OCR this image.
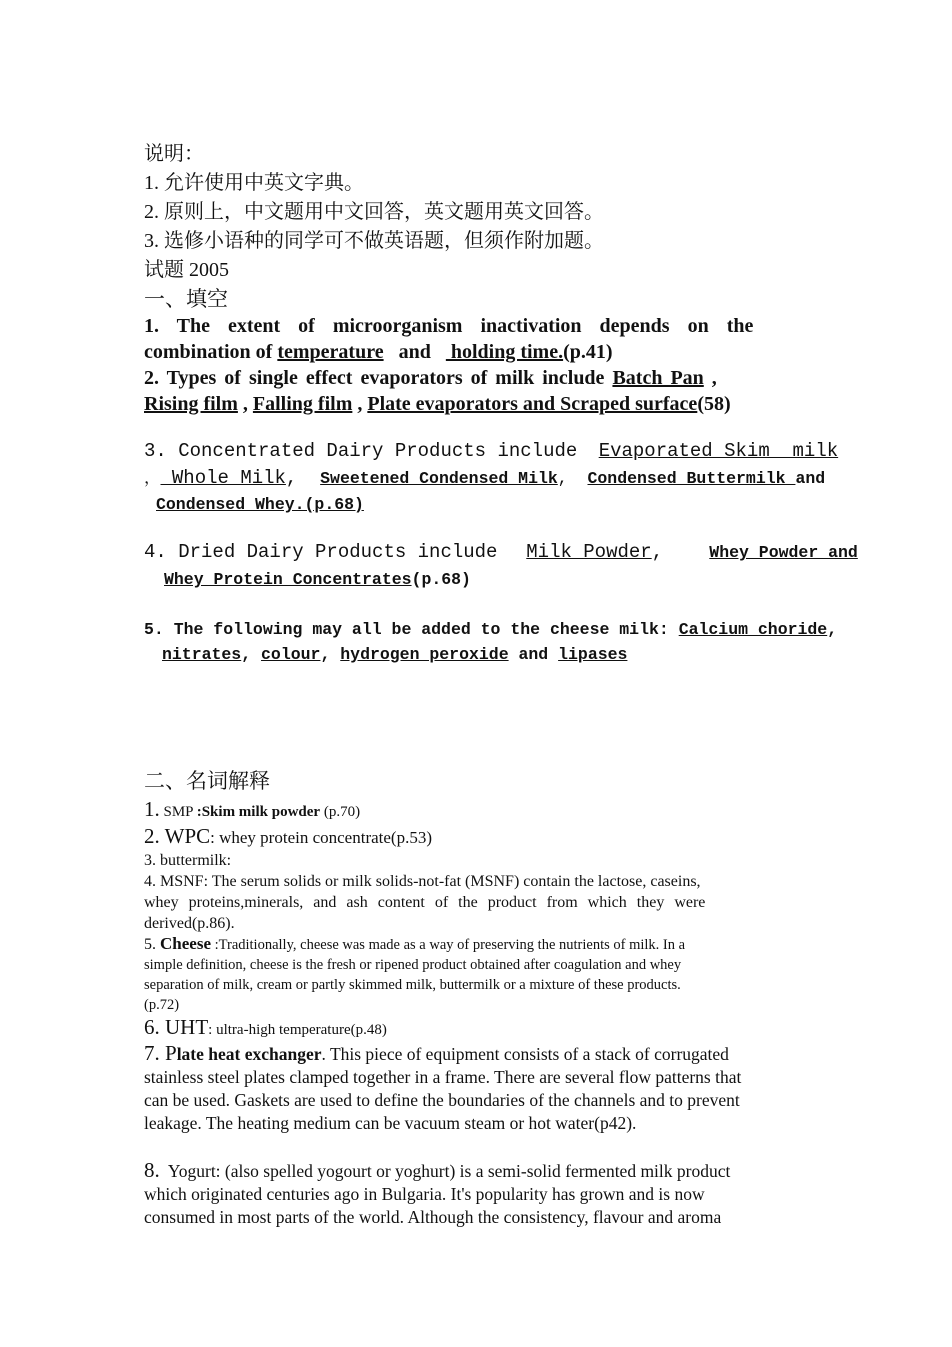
说明：

1. 允许使用中英文字典。

2. 原则上，中文题用中文回答，英文题用英文回答。

3. 选修小语种的同学可不做英语题，但须作附加题。

试题 2005

一、填空

1. The extent of microorganism inactivation depends on the

combination of temperature   and    holding time.(p.41)

2. Types of single effect evaporators of milk include Batch Pan ,

Rising film , Falling film , Plate evaporators and Scraped surface(58)

3. Concentrated Dairy Products include Evaporated Skim  milk

， Whole Milk,  Sweetened Condensed Milk,  Condensed Buttermilk and

Condensed Whey.(p.68)

4. Dried Dairy Products include  Milk Powder,   Whey Powder and

Whey Protein Concentrates(p.68)

5. The following may all be added to the cheese milk: Calcium choride,

nitrates, colour, hydrogen peroxide and lipases

二、名词解释

1. SMP :Skim milk powder (p.70)

2. WPC: whey protein concentrate(p.53)

3. buttermilk:

4. MSNF: The serum solids or milk solids-not-fat (MSNF) contain the lactose, caseins,

whey proteins,minerals, and ash content of the product from which they were

derived(p.86).

5. Cheese :Traditionally, cheese was made as a way of preserving the nutrients of milk. In a

simple definition, cheese is the fresh or ripened product obtained after coagulation and whey

separation of milk, cream or partly skimmed milk, buttermilk or a mixture of these products.

(p.72)

6. UHT: ultra-high temperature(p.48)

7. Plate heat exchanger. This piece of equipment consists of a stack of corrugated

stainless steel plates clamped together in a frame. There are several flow patterns that

can be used. Gaskets are used to define the boundaries of the channels and to prevent

leakage. The heating medium can be vacuum steam or hot water(p42).

8.  Yogurt: (also spelled yogourt or yoghurt) is a semi-solid fermented milk product

which originated centuries ago in Bulgaria. It's popularity has grown and is now

consumed in most parts of the world. Although the consistency, flavour and aroma
